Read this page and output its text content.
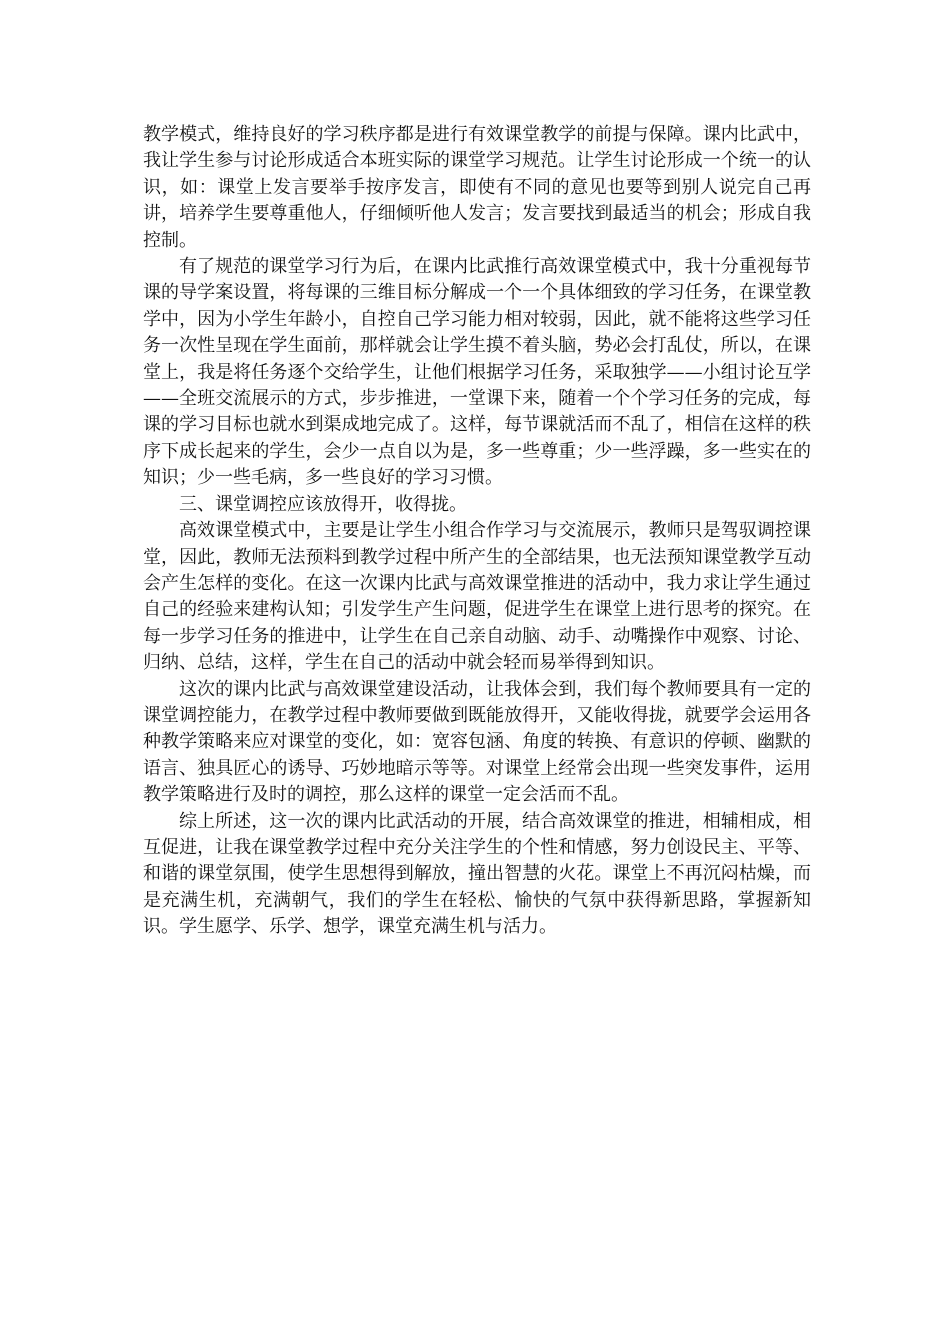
教学模式，维持良好的学习秩序都是进行有效课堂教学的前提与保障。课内比武中，我让学生参与讨论形成适合本班实际的课堂学习规范。让学生讨论形成一个统一的认识，如：课堂上发言要举手按序发言，即使有不同的意见也要等到别人说完自己再讲，培养学生要尊重他人，仔细倾听他人发言；发言要找到最适当的机会；形成自我控制。

有了规范的课堂学习行为后，在课内比武推行高效课堂模式中，我十分重视每节课的导学案设置，将每课的三维目标分解成一个一个具体细致的学习任务，在课堂教学中，因为小学生年龄小，自控自己学习能力相对较弱，因此，就不能将这些学习任务一次性呈现在学生面前，那样就会让学生摸不着头脑，势必会打乱仗，所以，在课堂上，我是将任务逐个交给学生，让他们根据学习任务，采取独学——小组讨论互学——全班交流展示的方式，步步推进，一堂课下来，随着一个个学习任务的完成，每课的学习目标也就水到渠成地完成了。这样，每节课就活而不乱了，相信在这样的秩序下成长起来的学生，会少一点自以为是，多一些尊重；少一些浮躁，多一些实在的知识；少一些毛病，多一些良好的学习习惯。

三、课堂调控应该放得开，收得拢。

高效课堂模式中，主要是让学生小组合作学习与交流展示，教师只是驾驭调控课堂，因此，教师无法预料到教学过程中所产生的全部结果，也无法预知课堂教学互动会产生怎样的变化。在这一次课内比武与高效课堂推进的活动中，我力求让学生通过自己的经验来建构认知；引发学生产生问题，促进学生在课堂上进行思考的探究。在每一步学习任务的推进中，让学生在自己亲自动脑、动手、动嘴操作中观察、讨论、归纳、总结，这样，学生在自己的活动中就会轻而易举得到知识。

这次的课内比武与高效课堂建设活动，让我体会到，我们每个教师要具有一定的课堂调控能力，在教学过程中教师要做到既能放得开，又能收得拢，就要学会运用各种教学策略来应对课堂的变化，如：宽容包涵、角度的转换、有意识的停顿、幽默的语言、独具匠心的诱导、巧妙地暗示等等。对课堂上经常会出现一些突发事件，运用教学策略进行及时的调控，那么这样的课堂一定会活而不乱。

综上所述，这一次的课内比武活动的开展，结合高效课堂的推进，相辅相成，相互促进，让我在课堂教学过程中充分关注学生的个性和情感，努力创设民主、平等、和谐的课堂氛围，使学生思想得到解放，撞出智慧的火花。课堂上不再沉闷枯燥，而是充满生机，充满朝气，我们的学生在轻松、愉快的气氛中获得新思路，掌握新知识。学生愿学、乐学、想学，课堂充满生机与活力。
